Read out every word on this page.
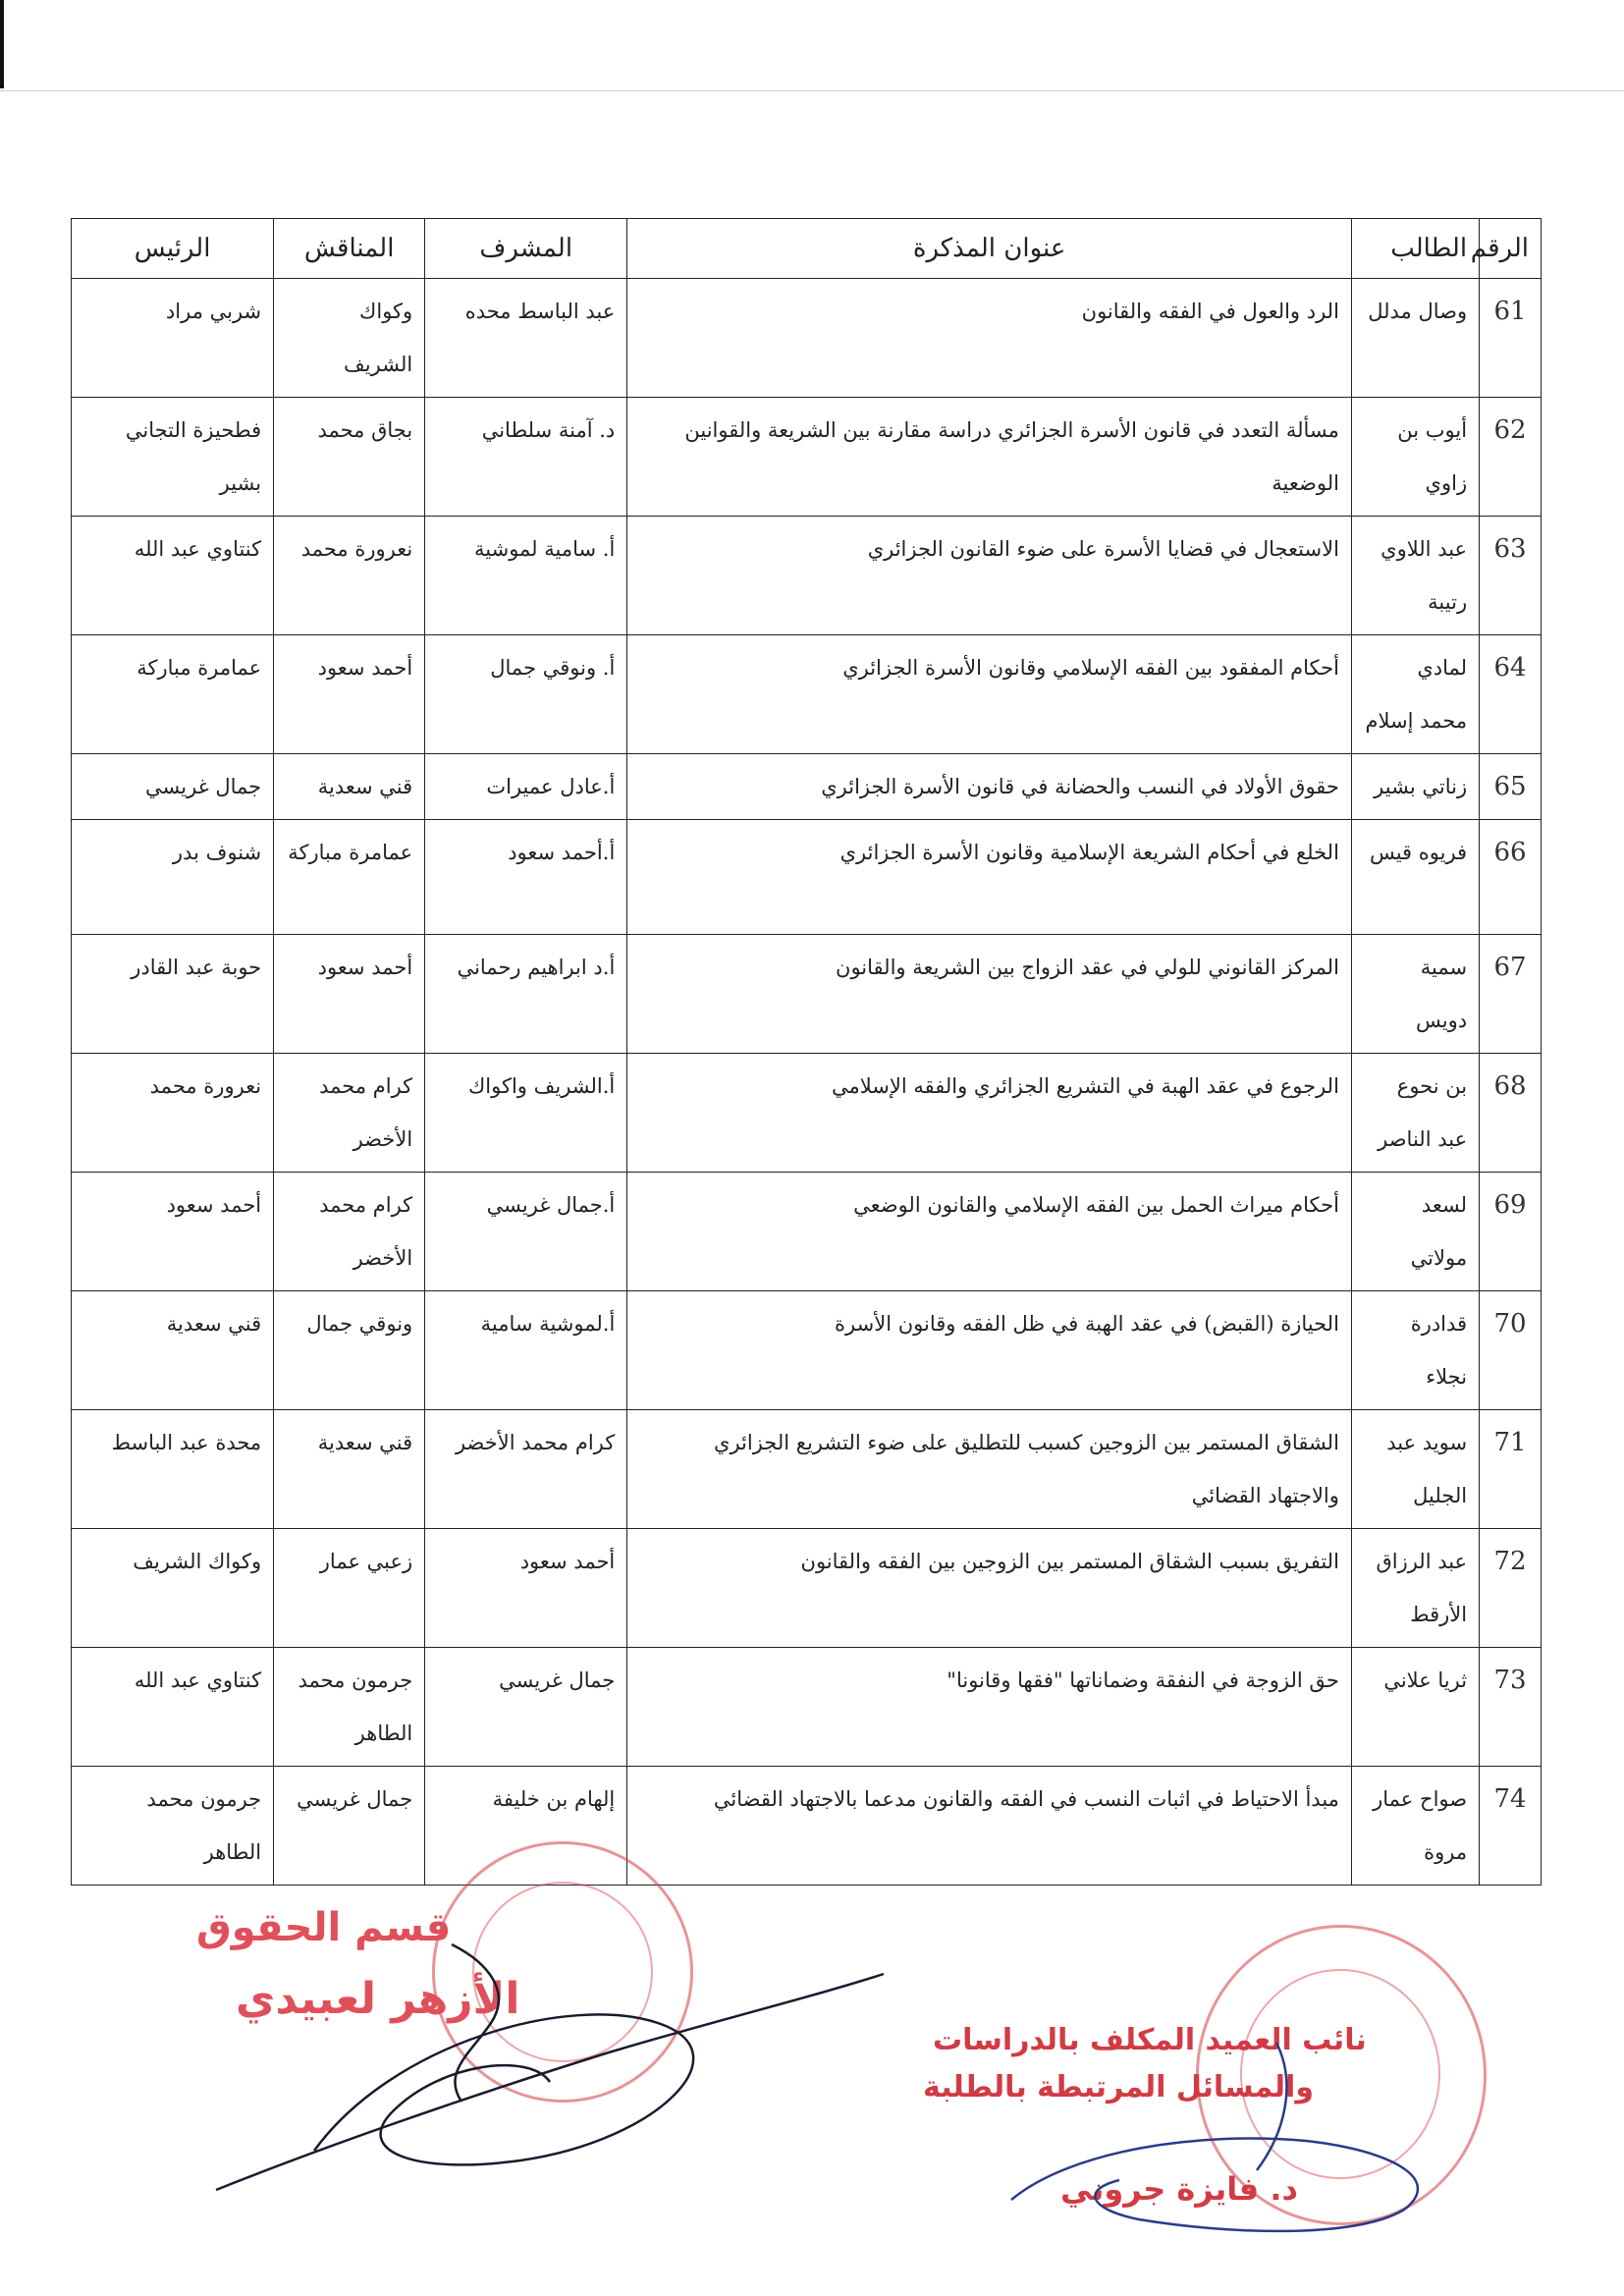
الرقم	الطالب	عنوان المذكرة	المشرف	المناقش	الرئيس
61	وصال مدلل	الرد والعول في الفقه والقانون	عبد الباسط محده	وكواك الشريف	شربي مراد
62	أيوب بن زاوي	مسألة التعدد في قانون الأسرة الجزائري دراسة مقارنة بين الشريعة والقوانين الوضعية	د. آمنة سلطاني	بجاق محمد	فطحيزة التجاني بشير
63	عبد اللاوي رتيبة	الاستعجال في قضايا الأسرة على ضوء القانون الجزائري	أ. سامية لموشية	نعرورة محمد	كنتاوي عبد الله
64	لمادي محمد إسلام	أحكام المفقود بين الفقه الإسلامي وقانون الأسرة الجزائري	أ. ونوقي جمال	أحمد سعود	عمامرة مباركة
65	زناتي بشير	حقوق الأولاد في النسب والحضانة في قانون الأسرة الجزائري	أ.عادل عميرات	قني سعدية	جمال غريسي
66	فريوه قيس	الخلع في أحكام الشريعة الإسلامية وقانون الأسرة الجزائري	أ.أحمد سعود	عمامرة مباركة	شنوف بدر
67	سمية دويس	المركز القانوني للولي في عقد الزواج بين الشريعة والقانون	أ.د ابراهيم رحماني	أحمد سعود	حوبة عبد القادر
68	بن نحوع عبد الناصر	الرجوع في عقد الهبة في التشريع الجزائري والفقه الإسلامي	أ.الشريف واكواك	كرام محمد الأخضر	نعرورة محمد
69	لسعد مولاتي	أحكام ميراث الحمل بين الفقه الإسلامي والقانون الوضعي	أ.جمال غريسي	كرام محمد الأخضر	أحمد سعود
70	قدادرة نجلاء	الحيازة (القبض) في عقد الهبة في ظل الفقه وقانون الأسرة	أ.لموشية سامية	ونوقي جمال	قني سعدية
71	سويد عبد الجليل	الشقاق المستمر بين الزوجين كسبب للتطليق على ضوء التشريع الجزائري والاجتهاد القضائي	كرام محمد الأخضر	قني سعدية	محدة عبد الباسط
72	عبد الرزاق الأرقط	التفريق بسبب الشقاق المستمر بين الزوجين بين الفقه والقانون	أحمد سعود	زعبي عمار	وكواك الشريف
73	ثريا علاني	حق الزوجة في النفقة وضماناتها "فقها وقانونا"	جمال غريسي	جرمون محمد الطاهر	كنتاوي عبد الله
74	صواح عمار مروة	مبدأ الاحتياط في اثبات النسب في الفقه والقانون مدعما بالاجتهاد القضائي	إلهام بن خليفة	جمال غريسي	جرمون محمد الطاهر
قسم الحقوق
الأزهر لعبيدي
نائب العميد المكلف بالدراسات
والمسائل المرتبطة بالطلبة
د. فايزة جروني
